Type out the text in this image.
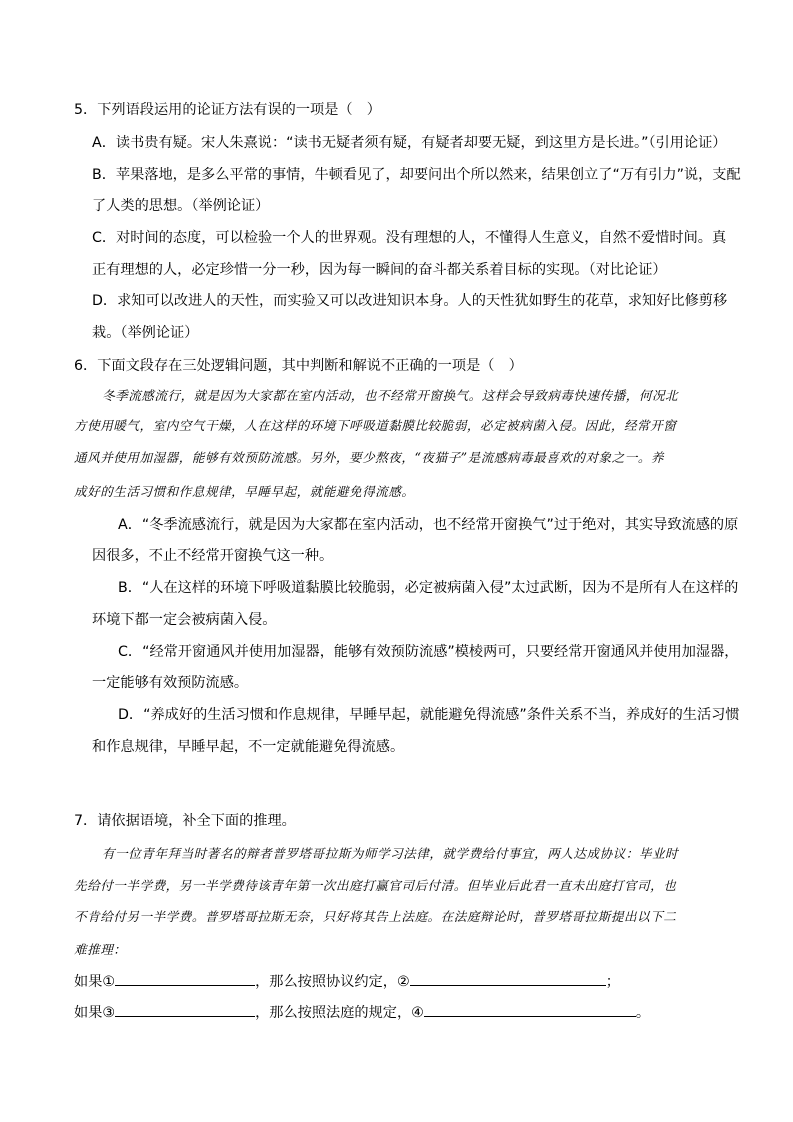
5．下列语段运用的论证方法有误的一项是（　）
A．读书贵有疑。宋人朱熹说：“读书无疑者须有疑，有疑者却要无疑，到这里方是长进。”（引用论证）
B．苹果落地，是多么平常的事情，牛顿看见了，却要问出个所以然来，结果创立了“万有引力”说，支配
了人类的思想。（举例论证）
C．对时间的态度，可以检验一个人的世界观。没有理想的人，不懂得人生意义，自然不爱惜时间。真
正有理想的人，必定珍惜一分一秒，因为每一瞬间的奋斗都关系着目标的实现。（对比论证）
D．求知可以改进人的天性，而实验又可以改进知识本身。人的天性犹如野生的花草，求知好比修剪移
栽。（举例论证）
6．下面文段存在三处逻辑问题，其中判断和解说不正确的一项是（　）
冬季流感流行，就是因为大家都在室内活动，也不经常开窗换气。这样会导致病毒快速传播，何况北
方使用暖气，室内空气干燥，人在这样的环境下呼吸道黏膜比较脆弱，必定被病菌入侵。因此，经常开窗
通风并使用加湿器，能够有效预防流感。另外，要少熬夜，“夜猫子”是流感病毒最喜欢的对象之一。养
成好的生活习惯和作息规律，早睡早起，就能避免得流感。
A．“冬季流感流行，就是因为大家都在室内活动，也不经常开窗换气”过于绝对，其实导致流感的原
因很多，不止不经常开窗换气这一种。
B．“人在这样的环境下呼吸道黏膜比较脆弱，必定被病菌入侵”太过武断，因为不是所有人在这样的
环境下都一定会被病菌入侵。
C．“经常开窗通风并使用加湿器，能够有效预防流感”模棱两可，只要经常开窗通风并使用加湿器，
一定能够有效预防流感。
D．“养成好的生活习惯和作息规律，早睡早起，就能避免得流感”条件关系不当，养成好的生活习惯
和作息规律，早睡早起，不一定就能避免得流感。
7．请依据语境，补全下面的推理。
有一位青年拜当时著名的辩者普罗塔哥拉斯为师学习法律，就学费给付事宜，两人达成协议：毕业时
先给付一半学费，另一半学费待该青年第一次出庭打赢官司后付清。但毕业后此君一直未出庭打官司，也
不肯给付另一半学费。普罗塔哥拉斯无奈，只好将其告上法庭。在法庭辩论时，普罗塔哥拉斯提出以下二
难推理：
如果①	，那么按照协议约定，②	；
如果③	，那么按照法庭的规定，④	。
